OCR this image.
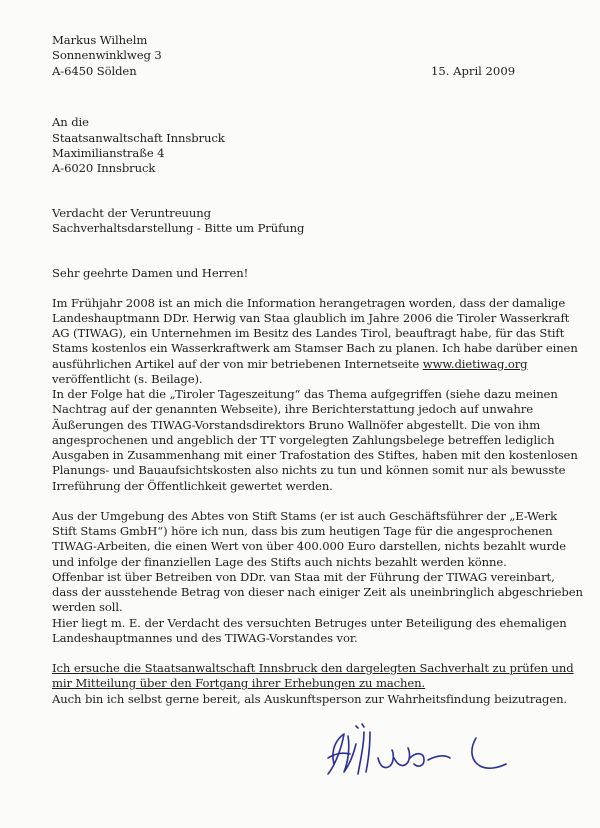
Markus Wilhelm
Sonnenwinklweg 3
A-6450 Sölden	15. April 2009
An die
Staatsanwaltschaft Innsbruck
Maximilianstraße 4
A-6020 Innsbruck
Verdacht der Veruntreuung
Sachverhaltsdarstellung - Bitte um Prüfung
Sehr geehrte Damen und Herren!
Im Frühjahr 2008 ist an mich die Information herangetragen worden, dass der damalige
Landeshauptmann DDr. Herwig van Staa glaublich im Jahre 2006 die Tiroler Wasserkraft
AG (TIWAG), ein Unternehmen im Besitz des Landes Tirol, beauftragt habe, für das Stift
Stams kostenlos ein Wasserkraftwerk am Stamser Bach zu planen. Ich habe darüber einen
ausführlichen Artikel auf der von mir betriebenen Internetseite www.dietiwag.org
veröffentlicht (s. Beilage).
In der Folge hat die „Tiroler Tageszeitung“ das Thema aufgegriffen (siehe dazu meinen
Nachtrag auf der genannten Webseite), ihre Berichterstattung jedoch auf unwahre
Äußerungen des TIWAG-Vorstandsdirektors Bruno Wallnöfer abgestellt. Die von ihm
angesprochenen und angeblich der TT vorgelegten Zahlungsbelege betreffen lediglich
Ausgaben in Zusammenhang mit einer Trafostation des Stiftes, haben mit den kostenlosen
Planungs- und Bauaufsichtskosten also nichts zu tun und können somit nur als bewusste
Irreführung der Öffentlichkeit gewertet werden.
Aus der Umgebung des Abtes von Stift Stams (er ist auch Geschäftsführer der „E-Werk
Stift Stams GmbH“) höre ich nun, dass bis zum heutigen Tage für die angesprochenen
TIWAG-Arbeiten, die einen Wert von über 400.000 Euro darstellen, nichts bezahlt wurde
und infolge der finanziellen Lage des Stifts auch nichts bezahlt werden könne.
Offenbar ist über Betreiben von DDr. van Staa mit der Führung der TIWAG vereinbart,
dass der ausstehende Betrag von dieser nach einiger Zeit als uneinbringlich abgeschrieben
werden soll.
Hier liegt m. E. der Verdacht des versuchten Betruges unter Beteiligung des ehemaligen
Landeshauptmannes und des TIWAG-Vorstandes vor.
Ich ersuche die Staatsanwaltschaft Innsbruck den dargelegten Sachverhalt zu prüfen und
mir Mitteilung über den Fortgang ihrer Erhebungen zu machen.
Auch bin ich selbst gerne bereit, als Auskunftsperson zur Wahrheitsfindung beizutragen.
